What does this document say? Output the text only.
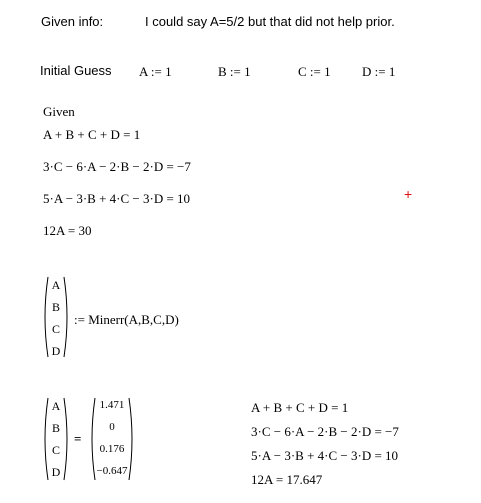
Given info:	I could say A=5/2 but that did not help prior.
Initial Guess A := 1	B := 1	C := 1 D := 1
Given
A + B + C + D = 1
3·C − 6·A − 2·B − 2·D = −7
5·A − 3·B + 4·C − 3·D = 10
12A = 30
+
A
B
C
D
:= Minerr(A,B,C,D)
A
B
C
D
=
1.471
0
0.176
−0.647
A + B + C + D = 1
3·C − 6·A − 2·B − 2·D = −7
5·A − 3·B + 4·C − 3·D = 10
12A = 17.647
